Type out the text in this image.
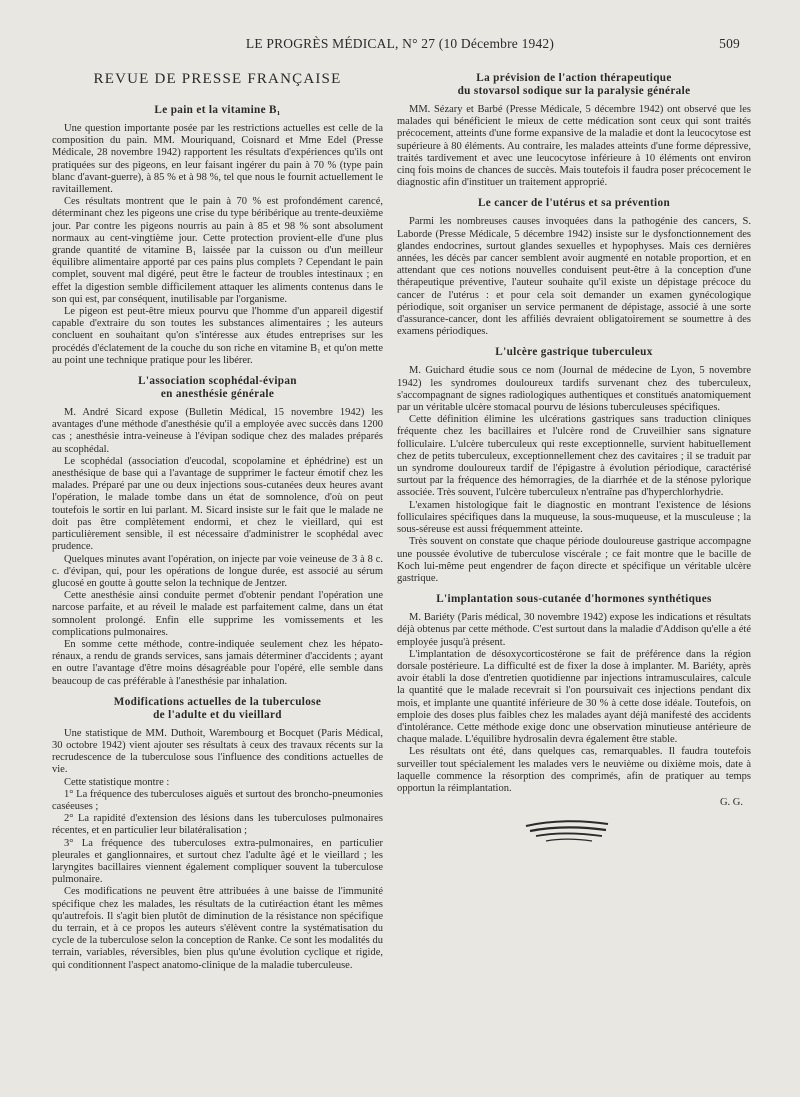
LE PROGRÈS MÉDICAL, N° 27 (10 Décembre 1942)	509
REVUE DE PRESSE FRANÇAISE
Le pain et la vitamine B₁

Une question importante posée par les restrictions actuelles est celle de la composition du pain. MM. Mouriquand, Coisnard et Mme Edel (Presse Médicale, 28 novembre 1942) rapportent les résultats d'expériences qu'ils ont pratiquées sur des pigeons, en leur faisant ingérer du pain à 70 % (type pain blanc d'avant-guerre), à 85 % et à 98 %, tel que nous le fournit actuellement le ravitaillement.

Ces résultats montrent que le pain à 70 % est profondément carencé, déterminant chez les pigeons une crise du type béribérique au trente-deuxième jour. Par contre les pigeons nourris au pain à 85 et 98 % sont absolument normaux au cent-vingtième jour. Cette protection provient-elle d'une plus grande quantité de vitamine B₁ laissée par la cuisson ou d'un meilleur équilibre alimentaire apporté par ces pains plus complets ? Cependant le pain complet, souvent mal digéré, peut être le facteur de troubles intestinaux ; en effet la digestion semble difficilement attaquer les aliments contenus dans le son qui est, par conséquent, inutilisable par l'organisme.

Le pigeon est peut-être mieux pourvu que l'homme d'un appareil digestif capable d'extraire du son toutes les substances alimentaires ; les auteurs concluent en souhaitant qu'on s'intéresse aux études entreprises sur les procédés d'éclatement de la couche du son riche en vitamine B₁ et qu'on mette au point une technique pratique pour les libérer.

L'association scophédal-évipan
en anesthésie générale

M. André Sicard expose (Bulletin Médical, 15 novembre 1942) les avantages d'une méthode d'anesthésie qu'il a employée avec succès dans 1200 cas ; anesthésie intra-veineuse à l'évipan sodique chez des malades préparés au scophédal.

Le scophédal (association d'eucodal, scopolamine et éphédrine) est un anesthésique de base qui a l'avantage de supprimer le facteur émotif chez les malades. Préparé par une ou deux injections sous-cutanées deux heures avant l'opération, le malade tombe dans un état de somnolence, d'où on peut toutefois le sortir en lui parlant. M. Sicard insiste sur le fait que le malade ne doit pas être complètement endormi, et chez le vieillard, qui est particulièrement sensible, il est nécessaire d'administrer le scophédal avec prudence.

Quelques minutes avant l'opération, on injecte par voie veineuse de 3 à 8 c. c. d'évipan, qui, pour les opérations de longue durée, est associé au sérum glucosé en goutte à goutte selon la technique de Jentzer.

Cette anesthésie ainsi conduite permet d'obtenir pendant l'opération une narcose parfaite, et au réveil le malade est parfaitement calme, dans un état somnolent prolongé. Enfin elle supprime les vomissements et les complications pulmonaires.

En somme cette méthode, contre-indiquée seulement chez les hépato-rénaux, a rendu de grands services, sans jamais déterminer d'accidents ; ayant en outre l'avantage d'être moins désagréable pour l'opéré, elle semble dans beaucoup de cas préférable à l'anesthésie par inhalation.

Modifications actuelles de la tuberculose
de l'adulte et du vieillard

Une statistique de MM. Duthoit, Warembourg et Bocquet (Paris Médical, 30 octobre 1942) vient ajouter ses résultats à ceux des travaux récents sur la recrudescence de la tuberculose sous l'influence des conditions actuelles de vie.

Cette statistique montre :

1° La fréquence des tuberculoses aiguës et surtout des broncho-pneumonies caséeuses ;

2° La rapidité d'extension des lésions dans les tuberculoses pulmonaires récentes, et en particulier leur bilatéralisation ;

3° La fréquence des tuberculoses extra-pulmonaires, en particulier pleurales et ganglionnaires, et surtout chez l'adulte âgé et le vieillard ; les laryngites bacillaires viennent également compliquer souvent la tuberculose pulmonaire.

Ces modifications ne peuvent être attribuées à une baisse de l'immunité spécifique chez les malades, les résultats de la cutiréaction étant les mêmes qu'autrefois. Il s'agit bien plutôt de diminution de la résistance non spécifique du terrain, et à ce propos les auteurs s'élèvent contre la systématisation du cycle de la tuberculose selon la conception de Ranke. Ce sont les modalités du terrain, variables, réversibles, bien plus qu'une évolution cyclique et rigide, qui conditionnent l'aspect anatomo-clinique de la maladie tuberculeuse.

La prévision de l'action thérapeutique
du stovarsol sodique sur la paralysie générale

MM. Sézary et Barbé (Presse Médicale, 5 décembre 1942) ont observé que les malades qui bénéficient le mieux de cette médication sont ceux qui sont traités précocement, atteints d'une forme expansive de la maladie et dont la leucocytose est supérieure à 80 éléments. Au contraire, les malades atteints d'une forme dépressive, traités tardivement et avec une leucocytose inférieure à 10 éléments ont environ cinq fois moins de chances de succès. Mais toutefois il faudra poser précocement le diagnostic afin d'instituer un traitement approprié.

Le cancer de l'utérus et sa prévention

Parmi les nombreuses causes invoquées dans la pathogénie des cancers, S. Laborde (Presse Médicale, 5 décembre 1942) insiste sur le dysfonctionnement des glandes endocrines, surtout glandes sexuelles et hypophyses. Mais ces dernières années, les décès par cancer semblent avoir augmenté en notable proportion, et en attendant que ces notions nouvelles conduisent peut-être à la conception d'une thérapeutique préventive, l'auteur souhaite qu'il existe un dépistage précoce du cancer de l'utérus : et pour cela soit demander un examen gynécologique périodique, soit organiser un service permanent de dépistage, associé à une sorte d'assurance-cancer, dont les affiliés devraient obligatoirement se soumettre à des examens périodiques.

L'ulcère gastrique tuberculeux

M. Guichard étudie sous ce nom (Journal de médecine de Lyon, 5 novembre 1942) les syndromes douloureux tardifs survenant chez des tuberculeux, s'accompagnant de signes radiologiques authentiques et constitués anatomiquement par un véritable ulcère stomacal pourvu de lésions tuberculeuses spécifiques.

Cette définition élimine les ulcérations gastriques sans traduction cliniques fréquente chez les bacillaires et l'ulcère rond de Cruveilhier sans signature folliculaire. L'ulcère tuberculeux qui reste exceptionnelle, survient habituellement chez de petits tuberculeux, exceptionnellement chez des cavitaires ; il se traduit par un syndrome douloureux tardif de l'épigastre à évolution périodique, caractérisé surtout par la fréquence des hémorragies, de la diarrhée et de la sténose pylorique associée. Très souvent, l'ulcère tuberculeux n'entraîne pas d'hyperchlorhydrie.

L'examen histologique fait le diagnostic en montrant l'existence de lésions folliculaires spécifiques dans la muqueuse, la sous-muqueuse, et la musculeuse ; la sous-séreuse est aussi fréquemment atteinte.

Très souvent on constate que chaque période douloureuse gastrique accompagne une poussée évolutive de tuberculose viscérale ; ce fait montre que le bacille de Koch lui-même peut engendrer de façon directe et spécifique un véritable ulcère gastrique.

L'implantation sous-cutanée d'hormones synthétiques

M. Bariéty (Paris médical, 30 novembre 1942) expose les indications et résultats déjà obtenus par cette méthode. C'est surtout dans la maladie d'Addison qu'elle a été employée jusqu'à présent.

L'implantation de désoxycorticostérone se fait de préférence dans la région dorsale postérieure. La difficulté est de fixer la dose à implanter. M. Bariéty, après avoir établi la dose d'entretien quotidienne par injections intramusculaires, calcule la quantité que le malade recevrait si l'on poursuivait ces injections pendant dix mois, et implante une quantité inférieure de 30 % à cette dose idéale. Toutefois, on emploie des doses plus faibles chez les malades ayant déjà manifesté des accidents d'intolérance. Cette méthode exige donc une observation minutieuse antérieure de chaque malade. L'équilibre hydrosalin devra également être stable.

Les résultats ont été, dans quelques cas, remarquables. Il faudra toutefois surveiller tout spécialement les malades vers le neuvième ou dixième mois, date à laquelle commence la résorption des comprimés, afin de pratiquer au temps opportun la réimplantation.

G. G.
